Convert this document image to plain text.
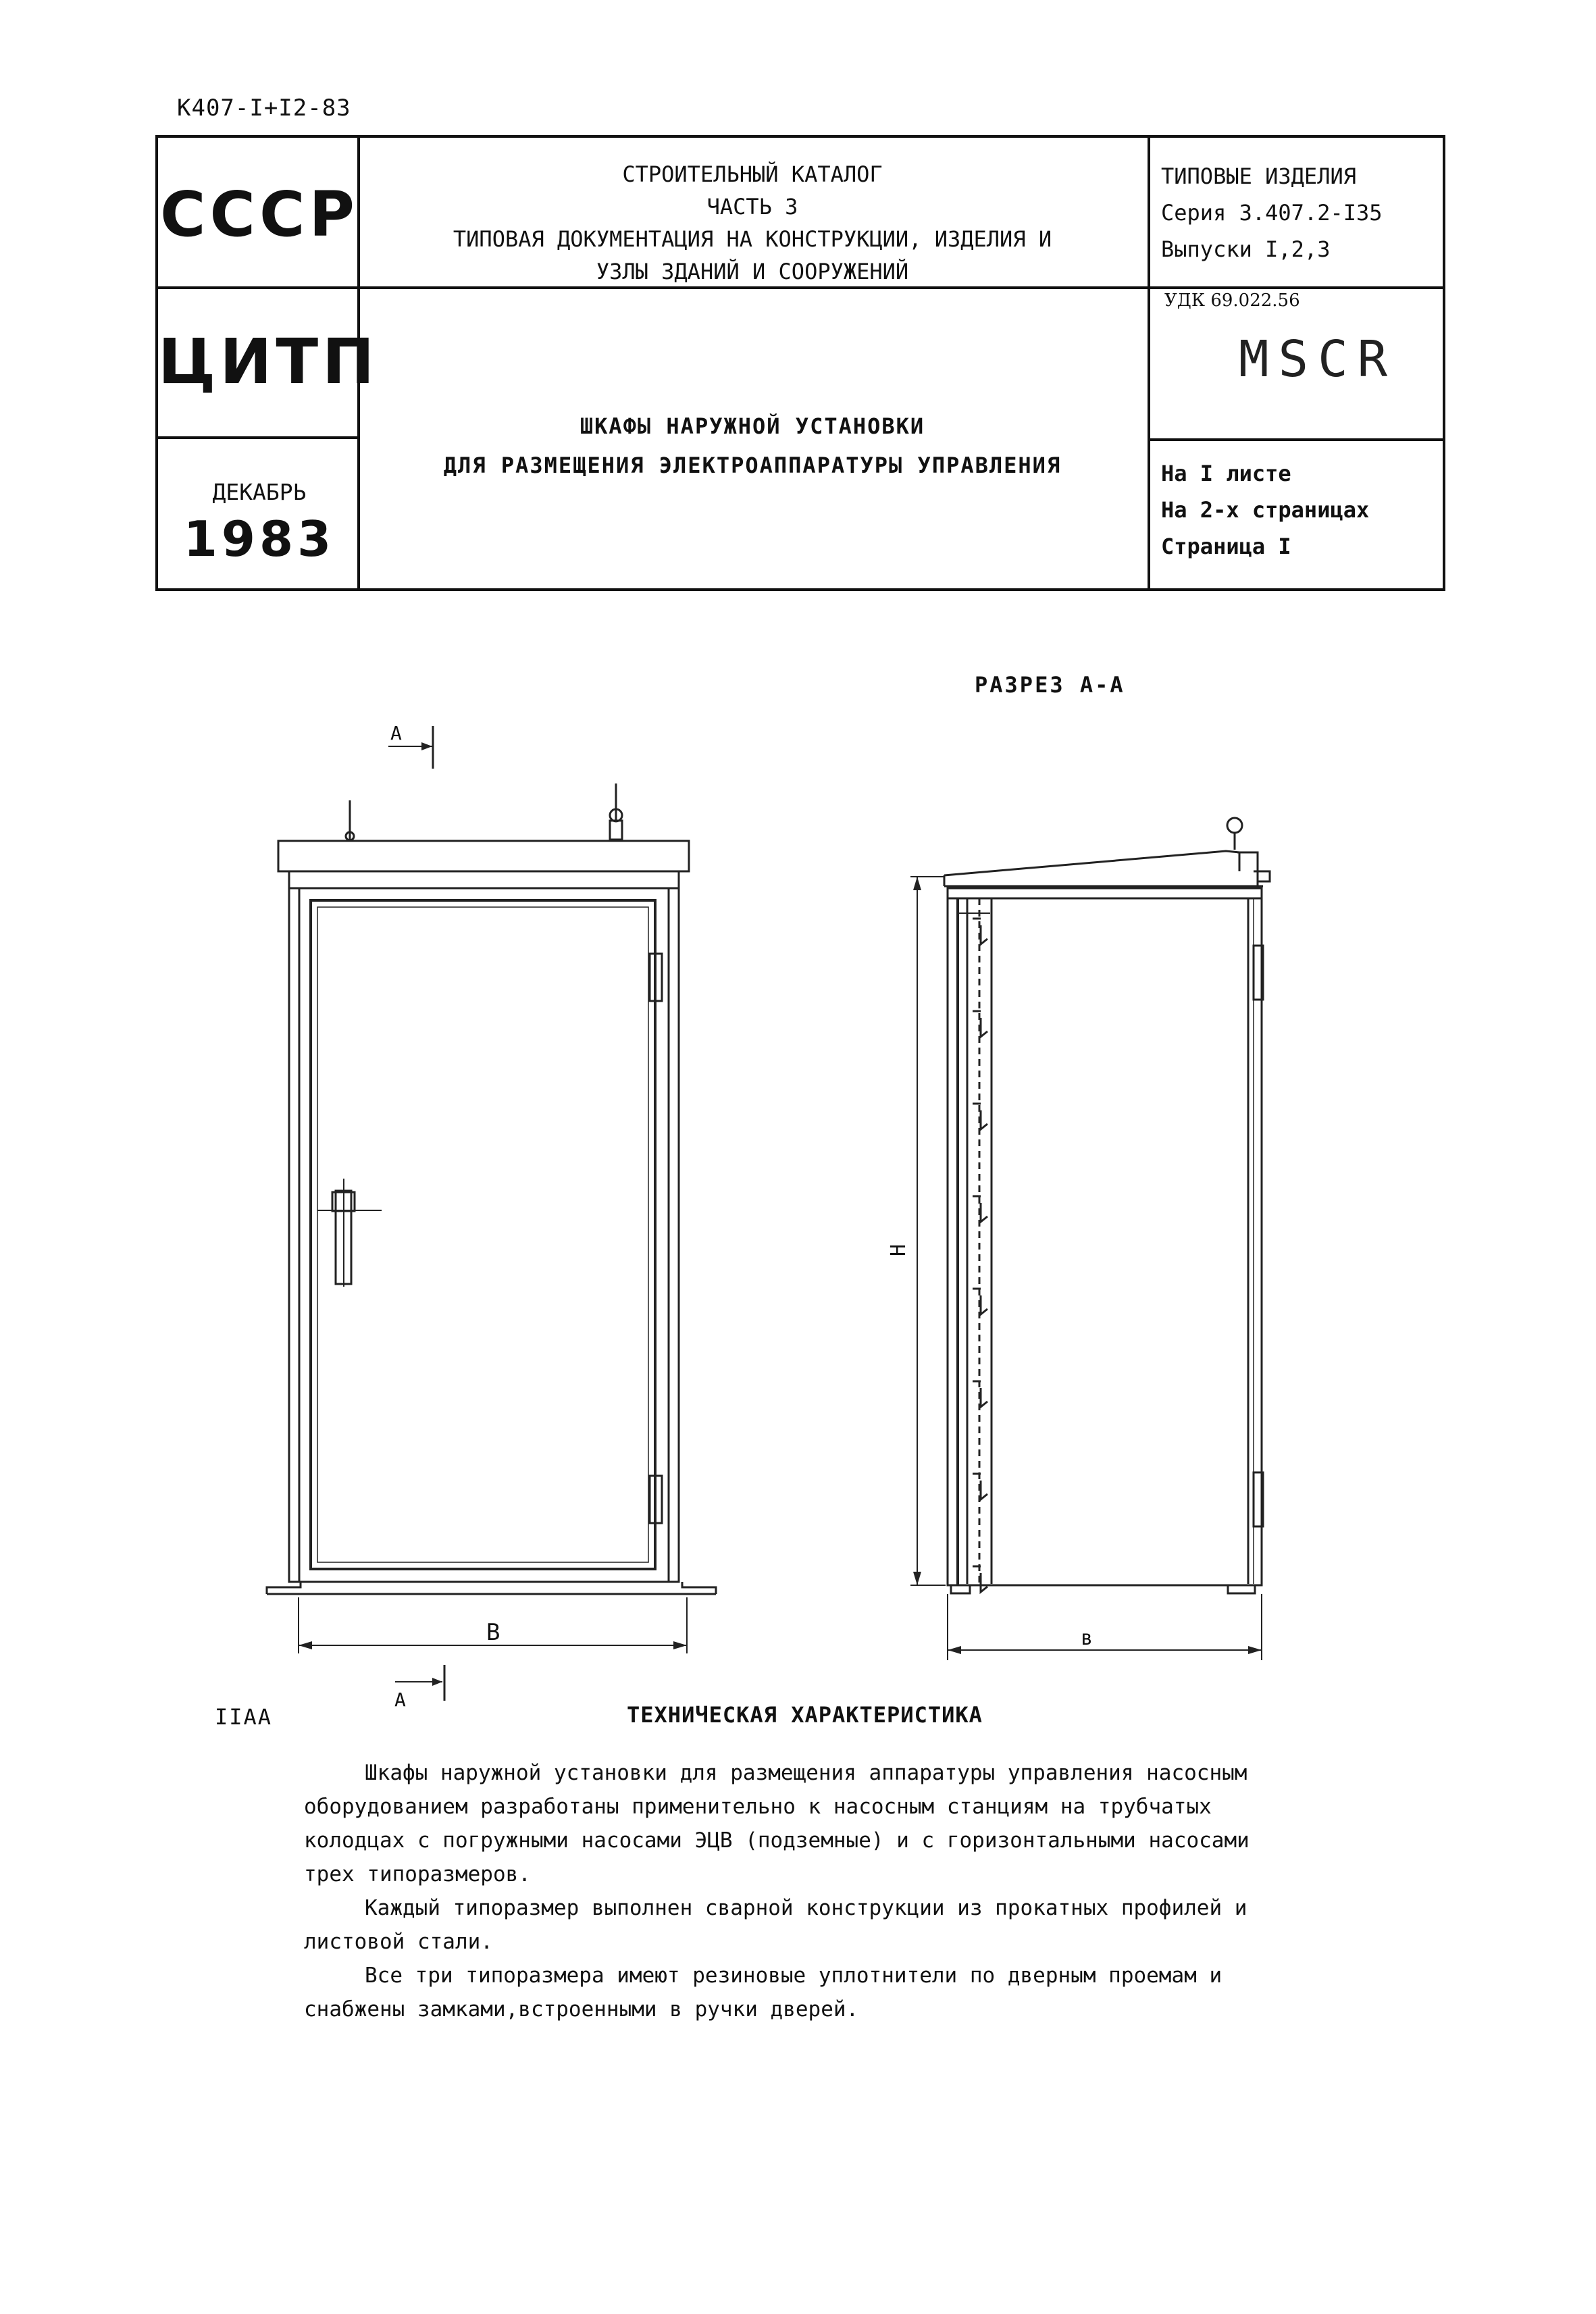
К407-I+I2-83
СССР
ЦИТП
ДЕКАБРЬ
1983
СТРОИТЕЛЬНЫЙ КАТАЛОГ
ЧАСТЬ 3
ТИПОВАЯ ДОКУМЕНТАЦИЯ НА КОНСТРУКЦИИ, ИЗДЕЛИЯ И
УЗЛЫ ЗДАНИЙ И СООРУЖЕНИЙ
ШКАФЫ НАРУЖНОЙ УСТАНОВКИ
ДЛЯ РАЗМЕЩЕНИЯ ЭЛЕКТРОАППАРАТУРЫ УПРАВЛЕНИЯ
ТИПОВЫЕ ИЗДЕЛИЯ
Серия 3.407.2-I35
Выпуски I,2,3
УДК 69.022.56
MSCR
На I листе
На 2-х страницах
Страница I
РАЗРЕЗ А-А
А
А
В	в
Н
IIАА	ТЕХНИЧЕСКАЯ ХАРАКТЕРИСТИКА

Шкафы наружной установки для размещения аппаратуры управления насосным

оборудованием разработаны применительно к насосным станциям на трубчатых

колодцах с погружными насосами ЭЦВ (подземные) и с горизонтальными насосами

трех типоразмеров.

Каждый типоразмер выполнен сварной конструкции из прокатных профилей и

листовой стали.

Все три типоразмера имеют резиновые уплотнители по дверным проемам и

снабжены замками,встроенными в ручки дверей.
